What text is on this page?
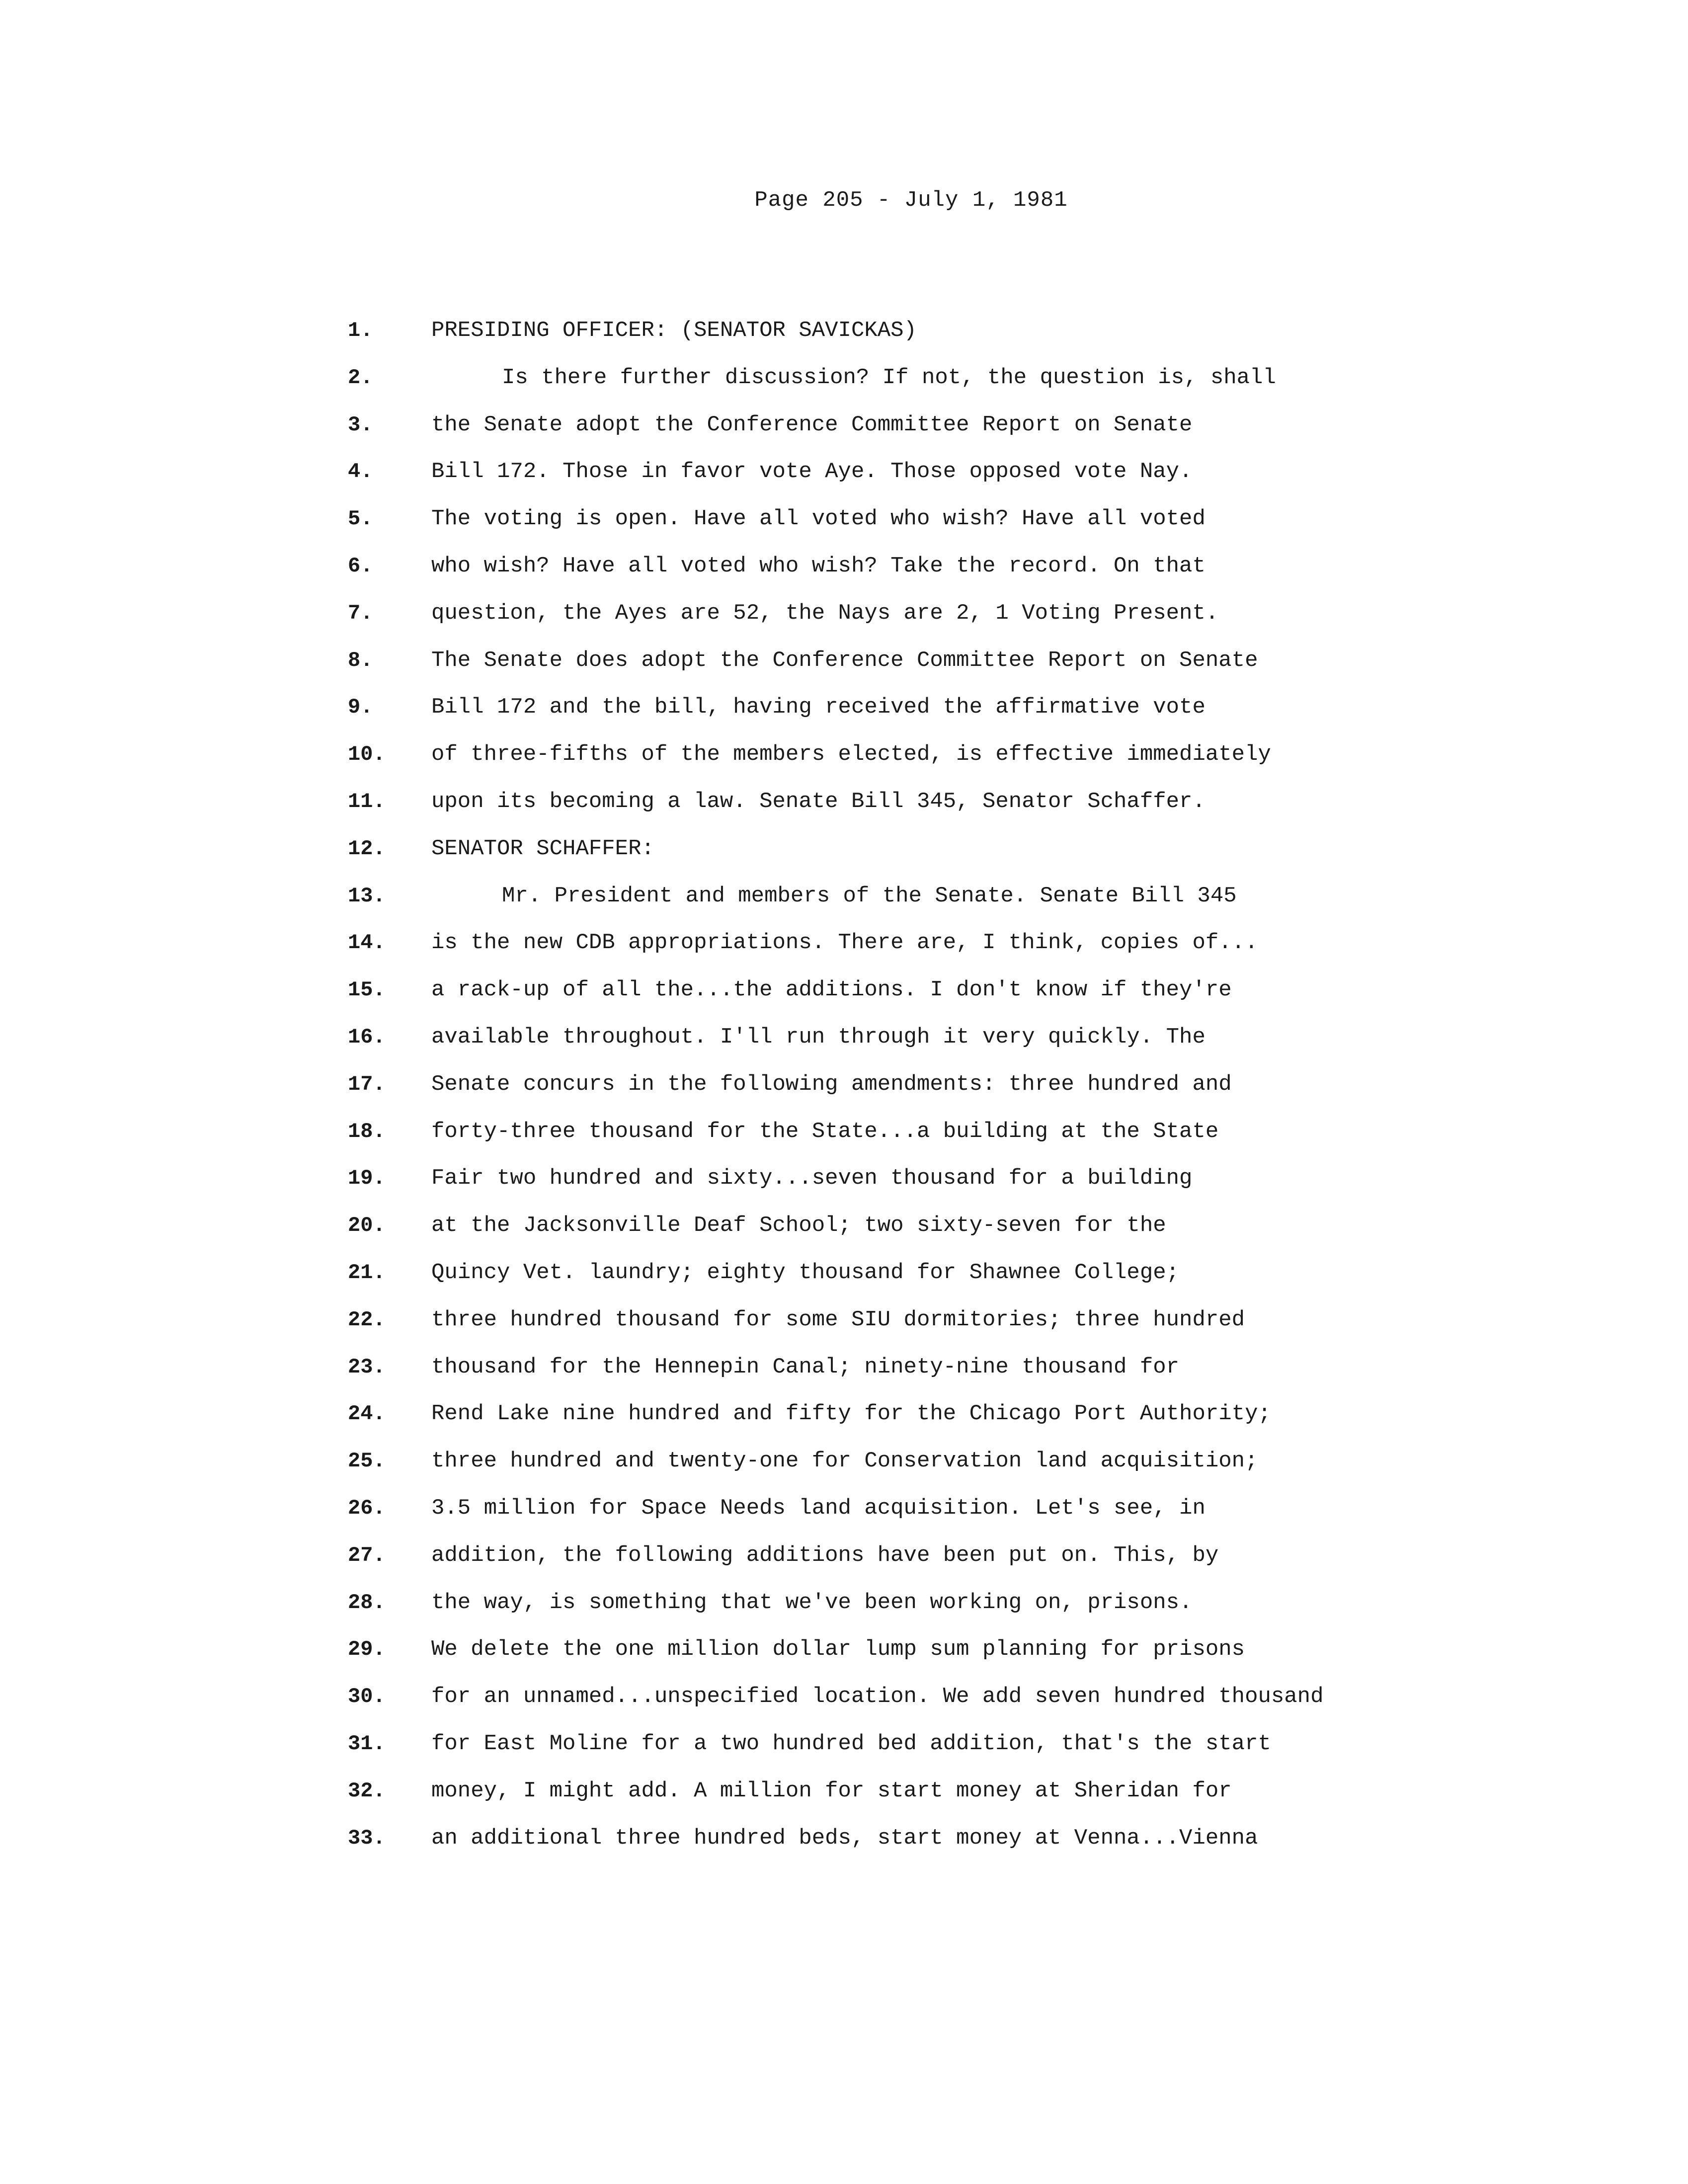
Page 205 - July 1, 1981
1.	PRESIDING OFFICER: (SENATOR SAVICKAS)
2.	Is there further discussion? If not, the question is, shall
3.	the Senate adopt the Conference Committee Report on Senate
4.	Bill 172. Those in favor vote Aye. Those opposed vote Nay.
5.	The voting is open. Have all voted who wish? Have all voted
6.	who wish? Have all voted who wish? Take the record. On that
7.	question, the Ayes are 52, the Nays are 2, 1 Voting Present.
8.	The Senate does adopt the Conference Committee Report on Senate
9.	Bill 172 and the bill, having received the affirmative vote
10.	of three-fifths of the members elected, is effective immediately
11.	upon its becoming a law. Senate Bill 345, Senator Schaffer.
12.	SENATOR SCHAFFER:
13.	Mr. President and members of the Senate. Senate Bill 345
14.	is the new CDB appropriations. There are, I think, copies of...
15.	a rack-up of all the...the additions. I don't know if they're
16.	available throughout. I'll run through it very quickly. The
17.	Senate concurs in the following amendments: three hundred and
18.	forty-three thousand for the State...a building at the State
19.	Fair two hundred and sixty...seven thousand for a building
20.	at the Jacksonville Deaf School; two sixty-seven for the
21.	Quincy Vet. laundry; eighty thousand for Shawnee College;
22.	three hundred thousand for some SIU dormitories; three hundred
23.	thousand for the Hennepin Canal; ninety-nine thousand for
24.	Rend Lake nine hundred and fifty for the Chicago Port Authority;
25.	three hundred and twenty-one for Conservation land acquisition;
26.	3.5 million for Space Needs land acquisition. Let's see, in
27.	addition, the following additions have been put on. This, by
28.	the way, is something that we've been working on, prisons.
29.	We delete the one million dollar lump sum planning for prisons
30.	for an unnamed...unspecified location. We add seven hundred thousand
31.	for East Moline for a two hundred bed addition, that's the start
32.	money, I might add. A million for start money at Sheridan for
33.	an additional three hundred beds, start money at Venna...Vienna
